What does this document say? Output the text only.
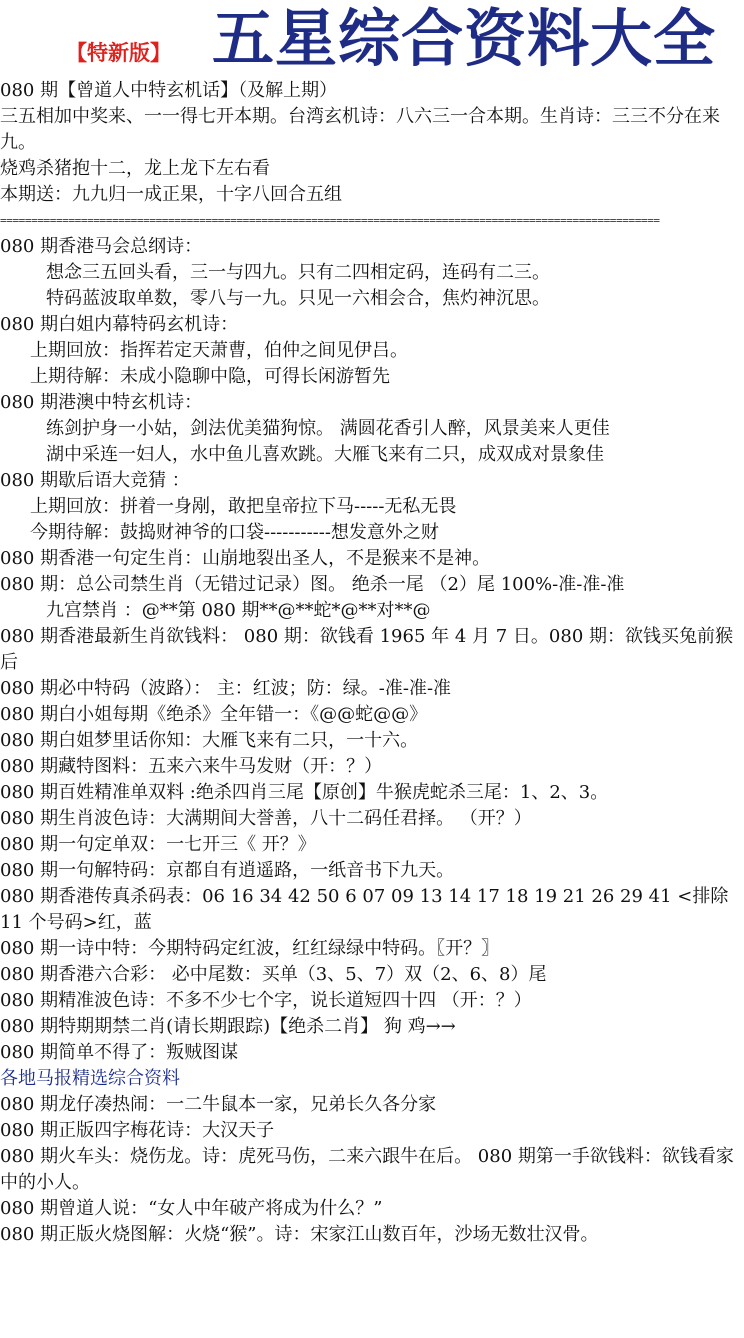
【特新版】 五星综合资料大全
080 期【曾道人中特玄机话】（及解上期）
三五相加中奖来、一一得七开本期。台湾玄机诗：八六三一合本期。生肖诗：三三不分在来九。
烧鸡杀猪抱十二，龙上龙下左右看
本期送：九九归一成正果，十字八回合五组
==========================================================================================================
080 期香港马会总纲诗：
想念三五回头看，三一与四九。只有二四相定码，连码有二三。
特码蓝波取单数，零八与一九。只见一六相会合，焦灼神沉思。
080 期白姐内幕特码玄机诗：
上期回放：指挥若定天萧曹，伯仲之间见伊吕。
上期待解：未成小隐聊中隐，可得长闲游暂先
080 期港澳中特玄机诗：
练剑护身一小姑，剑法优美猫狗惊。 满圆花香引人醉，风景美来人更佳
湖中采连一妇人，水中鱼儿喜欢跳。大雁飞来有二只，成双成对景象佳
080 期歇后语大竞猜 ：
上期回放：拼着一身剐，敢把皇帝拉下马-----无私无畏
今期待解：鼓捣财神爷的口袋-----------想发意外之财
080 期香港一句定生肖：山崩地裂出圣人，不是猴来不是神。
080 期：总公司禁生肖（无错过记录）图。 绝杀一尾 （2）尾 100%-准-准-准
九宫禁肖 ：@**第 080 期**@**蛇*@**对**@
080 期香港最新生肖欲钱料： 080 期：欲钱看 1965 年 4 月 7 日。080 期：欲钱买兔前猴后
080 期必中特码（波路）： 主：红波；防：绿。-准-准-准
080 期白小姐每期《绝杀》全年错一：《@@蛇@@》
080 期白姐梦里话你知：大雁飞来有二只，一十六。
080 期藏特图料：五来六来牛马发财（开：？）
080 期百姓精准单双料 :绝杀四肖三尾【原创】牛猴虎蛇杀三尾：1、2、3。
080 期生肖波色诗：大满期间大誉善，八十二码任君择。 （开？）
080 期一句定单双：一七开三《 开？》
080 期一句解特码：京都自有逍遥路，一纸音书下九天。
080 期香港传真杀码表：06 16 34 42 50 6 07 09 13 14 17 18 19 21 26 29 41 <排除 11 个号码>红，蓝
080 期一诗中特：今期特码定红波，红红绿绿中特码。〖开？〗
080 期香港六合彩： 必中尾数：买单（3、5、7）双（2、6、8）尾
080 期精准波色诗：不多不少七个字，说长道短四十四 （开：？）
080 期特期期禁二肖(请长期跟踪)【绝杀二肖】 狗 鸡→→
080 期简单不得了：叛贼图谋
各地马报精选综合资料
080 期龙仔凑热闹：一二牛鼠本一家，兄弟长久各分家
080 期正版四字梅花诗：大汉天子
080 期火车头：烧伤龙。诗：虎死马伤，二来六跟牛在后。 080 期第一手欲钱料：欲钱看家中的小人。
080 期曾道人说：“女人中年破产将成为什么？”
080 期正版火烧图解：火烧“猴”。诗：宋家江山数百年，沙场无数壮汉骨。
